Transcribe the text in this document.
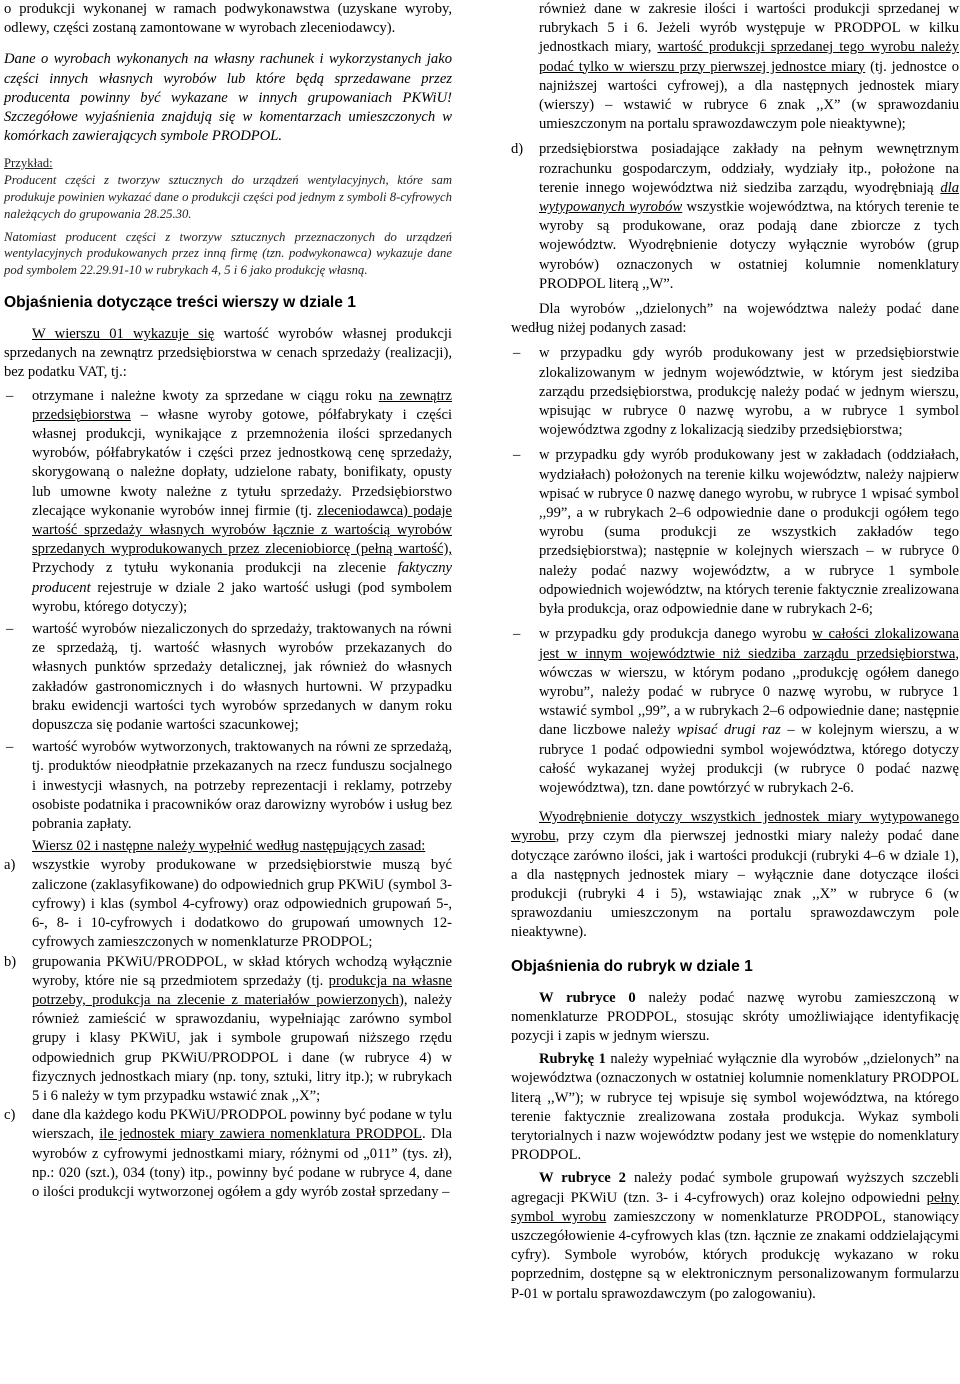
o produkcji wykonanej w ramach podwykonawstwa (uzyskane wyroby, odlewy, części zostaną zamontowane w wyrobach zleceniodawcy).

Dane o wyrobach wykonanych na własny rachunek i wykorzystanych jako części innych własnych wyrobów lub które będą sprzedawane przez producenta powinny być wykazane w innych grupowaniach PKWiU! Szczegółowe wyjaśnienia znajdują się w komentarzach umieszczonych w komórkach zawierających symbole PRODPOL.

Przykład:

Producent części z tworzyw sztucznych do urządzeń wentylacyjnych, które sam produkuje powinien wykazać dane o produkcji części pod jednym z symboli 8-cyfrowych należących do grupowania 28.25.30.

Natomiast producent części z tworzyw sztucznych przeznaczonych do urządzeń wentylacyjnych produkowanych przez inną firmę (tzn. podwykonawca) wykazuje dane pod symbolem 22.29.91-10 w rubrykach 4, 5 i 6 jako produkcję własną.

Objaśnienia dotyczące treści wierszy w dziale 1

W wierszu 01 wykazuje się wartość wyrobów własnej produkcji sprzedanych na zewnątrz przedsiębiorstwa w cenach sprzedaży (realizacji), bez podatku VAT, tj.:

– otrzymane i należne kwoty za sprzedane w ciągu roku na zewnątrz przedsiębiorstwa – własne wyroby gotowe, półfabrykaty i części własnej produkcji, wynikające z przemnożenia ilości sprzedanych wyrobów, półfabrykatów i części przez jednostkową cenę sprzedaży, skorygowaną o należne dopłaty, udzielone rabaty, bonifikaty, opusty lub umowne kwoty należne z tytułu sprzedaży. Przedsiębiorstwo zlecające wykonanie wyrobów innej firmie (tj. zleceniodawca) podaje wartość sprzedaży własnych wyrobów łącznie z wartością wyrobów sprzedanych wyprodukowanych przez zleceniobiorcę (pełną wartość), Przychody z tytułu wykonania produkcji na zlecenie faktyczny producent rejestruje w dziale 2 jako wartość usługi (pod symbolem wyrobu, którego dotyczy);
– wartość wyrobów niezaliczonych do sprzedaży, traktowanych na równi ze sprzedażą, tj. wartość własnych wyrobów przekazanych do własnych punktów sprzedaży detalicznej, jak również do własnych zakładów gastronomicznych i do własnych hurtowni. W przypadku braku ewidencji wartości tych wyrobów sprzedanych w danym roku dopuszcza się podanie wartości szacunkowej;
– wartość wyrobów wytworzonych, traktowanych na równi ze sprzedażą, tj. produktów nieodpłatnie przekazanych na rzecz funduszu socjalnego i inwestycji własnych, na potrzeby reprezentacji i reklamy, potrzeby osobiste podatnika i pracowników oraz darowizny wyrobów i usług bez pobrania zapłaty.

Wiersz 02 i następne należy wypełnić według następujących zasad:

a) wszystkie wyroby produkowane w przedsiębiorstwie muszą być zaliczone (zaklasyfikowane) do odpowiednich grup PKWiU (symbol 3-cyfrowy) i klas (symbol 4-cyfrowy) oraz odpowiednich grupowań 5-, 6-, 8- i 10-cyfrowych i dodatkowo do grupowań umownych 12-cyfrowych zamieszczonych w nomenklaturze PRODPOL;
b) grupowania PKWiU/PRODPOL, w skład których wchodzą wyłącznie wyroby, które nie są przedmiotem sprzedaży (tj. produkcja na własne potrzeby, produkcja na zlecenie z materiałów powierzonych), należy również zamieścić w sprawozdaniu, wypełniając zarówno symbol grupy i klasy PKWiU, jak i symbole grupowań niższego rzędu odpowiednich grup PKWiU/PRODPOL i dane (w rubryce 4) w fizycznych jednostkach miary (np. tony, sztuki, litry itp.); w rubrykach 5 i 6 należy w tym przypadku wstawić znak ,,X”;
c) dane dla każdego kodu PKWiU/PRODPOL powinny być podane w tylu wierszach, ile jednostek miary zawiera nomenklatura PRODPOL. Dla wyrobów z cyfrowymi jednostkami miary, różnymi od „011” (tys. zł), np.: 020 (szt.), 034 (tony) itp., powinny być podane w rubryce 4, dane o ilości produkcji wytworzonej ogółem a gdy wyrób został sprzedany –
również dane w zakresie ilości i wartości produkcji sprzedanej w rubrykach 5 i 6. Jeżeli wyrób występuje w PRODPOL w kilku jednostkach miary, wartość produkcji sprzedanej tego wyrobu należy podać tylko w wierszu przy pierwszej jednostce miary (tj. jednostce o najniższej wartości cyfrowej), a dla następnych jednostek miary (wierszy) – wstawić w rubryce 6 znak ,,X” (w sprawozdaniu umieszczonym na portalu sprawozdawczym pole nieaktywne);
d) przedsiębiorstwa posiadające zakłady na pełnym wewnętrznym rozrachunku gospodarczym, oddziały, wydziały itp., położone na terenie innego województwa niż siedziba zarządu, wyodrębniają dla wytypowanych wyrobów wszystkie województwa, na których terenie te wyroby są produkowane, oraz podają dane zbiorcze z tych województw. Wyodrębnienie dotyczy wyłącznie wyrobów (grup wyrobów) oznaczonych w ostatniej kolumnie nomenklatury PRODPOL literą ,,W”.

Dla wyrobów ,,dzielonych” na województwa należy podać dane według niżej podanych zasad:

– w przypadku gdy wyrób produkowany jest w przedsiębiorstwie zlokalizowanym w jednym województwie, w którym jest siedziba zarządu przedsiębiorstwa, produkcję należy podać w jednym wierszu, wpisując w rubryce 0 nazwę wyrobu, a w rubryce 1 symbol województwa zgodny z lokalizacją siedziby przedsiębiorstwa;
– w przypadku gdy wyrób produkowany jest w zakładach (oddziałach, wydziałach) położonych na terenie kilku województw, należy najpierw wpisać w rubryce 0 nazwę danego wyrobu, w rubryce 1 wpisać symbol ,,99”, a w rubrykach 2–6 odpowiednie dane o produkcji ogółem tego wyrobu (suma produkcji ze wszystkich zakładów tego przedsiębiorstwa); następnie w kolejnych wierszach – w rubryce 0 należy podać nazwy województw, a w rubryce 1 symbole odpowiednich województw, na których terenie faktycznie zrealizowana była produkcja, oraz odpowiednie dane w rubrykach 2-6;
– w przypadku gdy produkcja danego wyrobu w całości zlokalizowana jest w innym województwie niż siedziba zarządu przedsiębiorstwa, wówczas w wierszu, w którym podano ,,produkcję ogółem danego wyrobu”, należy podać w rubryce 0 nazwę wyrobu, w rubryce 1 wstawić symbol ,,99”, a w rubrykach 2–6 odpowiednie dane; następnie dane liczbowe należy wpisać drugi raz – w kolejnym wierszu, a w rubryce 1 podać odpowiedni symbol województwa, którego dotyczy całość wykazanej wyżej produkcji (w rubryce 0 podać nazwę województwa), tzn. dane powtórzyć w rubrykach 2-6.

Wyodrębnienie dotyczy wszystkich jednostek miary wytypowanego wyrobu, przy czym dla pierwszej jednostki miary należy podać dane dotyczące zarówno ilości, jak i wartości produkcji (rubryki 4–6 w dziale 1), a dla następnych jednostek miary – wyłącznie dane dotyczące ilości produkcji (rubryki 4 i 5), wstawiając znak ,,X” w rubryce 6 (w sprawozdaniu umieszczonym na portalu sprawozdawczym pole nieaktywne).

Objaśnienia do rubryk w dziale 1

W rubryce 0 należy podać nazwę wyrobu zamieszczoną w nomenklaturze PRODPOL, stosując skróty umożliwiające identyfikację pozycji i zapis w jednym wierszu.

Rubrykę 1 należy wypełniać wyłącznie dla wyrobów ,,dzielonych” na województwa (oznaczonych w ostatniej kolumnie nomenklatury PRODPOL literą ,,W”); w rubryce tej wpisuje się symbol województwa, na którego terenie faktycznie zrealizowana została produkcja. Wykaz symboli terytorialnych i nazw województw podany jest we wstępie do nomenklatury PRODPOL.

W rubryce 2 należy podać symbole grupowań wyższych szczebli agregacji PKWiU (tzn. 3- i 4-cyfrowych) oraz kolejno odpowiedni pełny symbol wyrobu zamieszczony w nomenklaturze PRODPOL, stanowiący uszczegółowienie 4-cyfrowych klas (tzn. łącznie ze znakami oddzielającymi cyfry). Symbole wyrobów, których produkcję wykazano w roku poprzednim, dostępne są w elektronicznym personalizowanym formularzu P-01 w portalu sprawozdawczym (po zalogowaniu).
